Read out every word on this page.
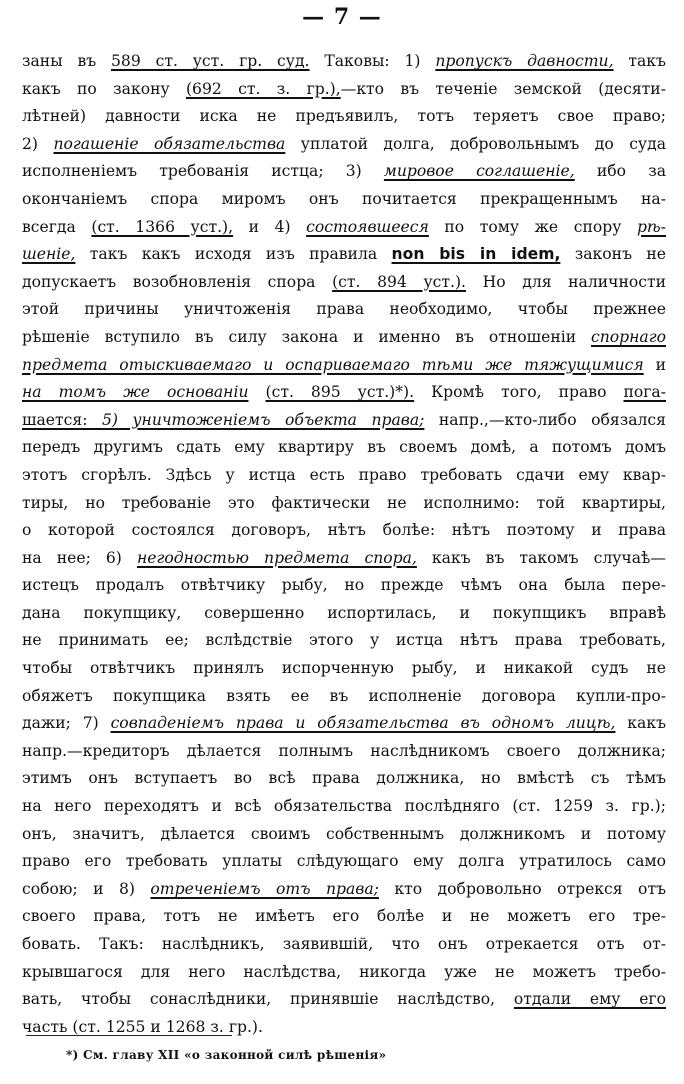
— 7 —
заны въ 589 ст. уст. гр. суд. Таковы: 1) пропускъ давности, такъ
какъ по закону (692 ст. з. гр.),—кто въ теченіе земской (десяти-
лѣтней) давности иска не предъявилъ, тотъ теряетъ свое право;
2) погашеніе обязательства уплатой долга, добровольнымъ до суда
исполненіемъ требованія истца; 3) мировое соглашеніе, ибо за
окончаніемъ спора миромъ онъ почитается прекращеннымъ на-
всегда (ст. 1366 уст.), и 4) состоявшееся по тому же спору рѣ-
шеніе, такъ какъ исходя изъ правила non bis in idem, законъ не
допускаетъ возобновленія спора (ст. 894 уст.). Но для наличности
этой причины уничтоженія права необходимо, чтобы прежнее
рѣшеніе вступило въ силу закона и именно въ отношеніи спорнаго
предмета отыскиваемаго и оспариваемаго тѣми же тяжущимися и
на томъ же основаніи (ст. 895 уст.)*). Кромѣ того, право пога-
шается: 5) уничтоженіемъ объекта права; напр.,—кто-либо обязался
передъ другимъ сдать ему квартиру въ своемъ домѣ, а потомъ домъ
этотъ сгорѣлъ. Здѣсь у истца есть право требовать сдачи ему квар-
тиры, но требованіе это фактически не исполнимо: той квартиры,
о которой состоялся договоръ, нѣтъ болѣе: нѣтъ поэтому и права
на нее; 6) негодностью предмета спора, какъ въ такомъ случаѣ—
истецъ продалъ отвѣтчику рыбу, но прежде чѣмъ она была пере-
дана покупщику, совершенно испортилась, и покупщикъ вправѣ
не принимать ее; вслѣдствіе этого у истца нѣтъ права требовать,
чтобы отвѣтчикъ принялъ испорченную рыбу, и никакой судъ не
обяжетъ покупщика взять ее въ исполненіе договора купли-про-
дажи; 7) совпаденіемъ права и обязательства въ одномъ лицѣ, какъ
напр.—кредиторъ дѣлается полнымъ наслѣдникомъ своего должника;
этимъ онъ вступаетъ во всѣ права должника, но вмѣстѣ съ тѣмъ
на него переходятъ и всѣ обязательства послѣдняго (ст. 1259 з. гр.);
онъ, значитъ, дѣлается своимъ собственнымъ должникомъ и потому
право его требовать уплаты слѣдующаго ему долга утратилось само
собою; и 8) отреченіемъ отъ права; кто добровольно отрекся отъ
своего права, тотъ не имѣетъ его болѣе и не можетъ его тре-
бовать. Такъ: наслѣдникъ, заявившій, что онъ отрекается отъ от-
крывшагося для него наслѣдства, никогда уже не можетъ требо-
вать, чтобы сонаслѣдники, принявшіе наслѣдство, отдали ему его
часть (ст. 1255 и 1268 з. гр.).
*) См. главу XII «о законной силѣ рѣшенія»
